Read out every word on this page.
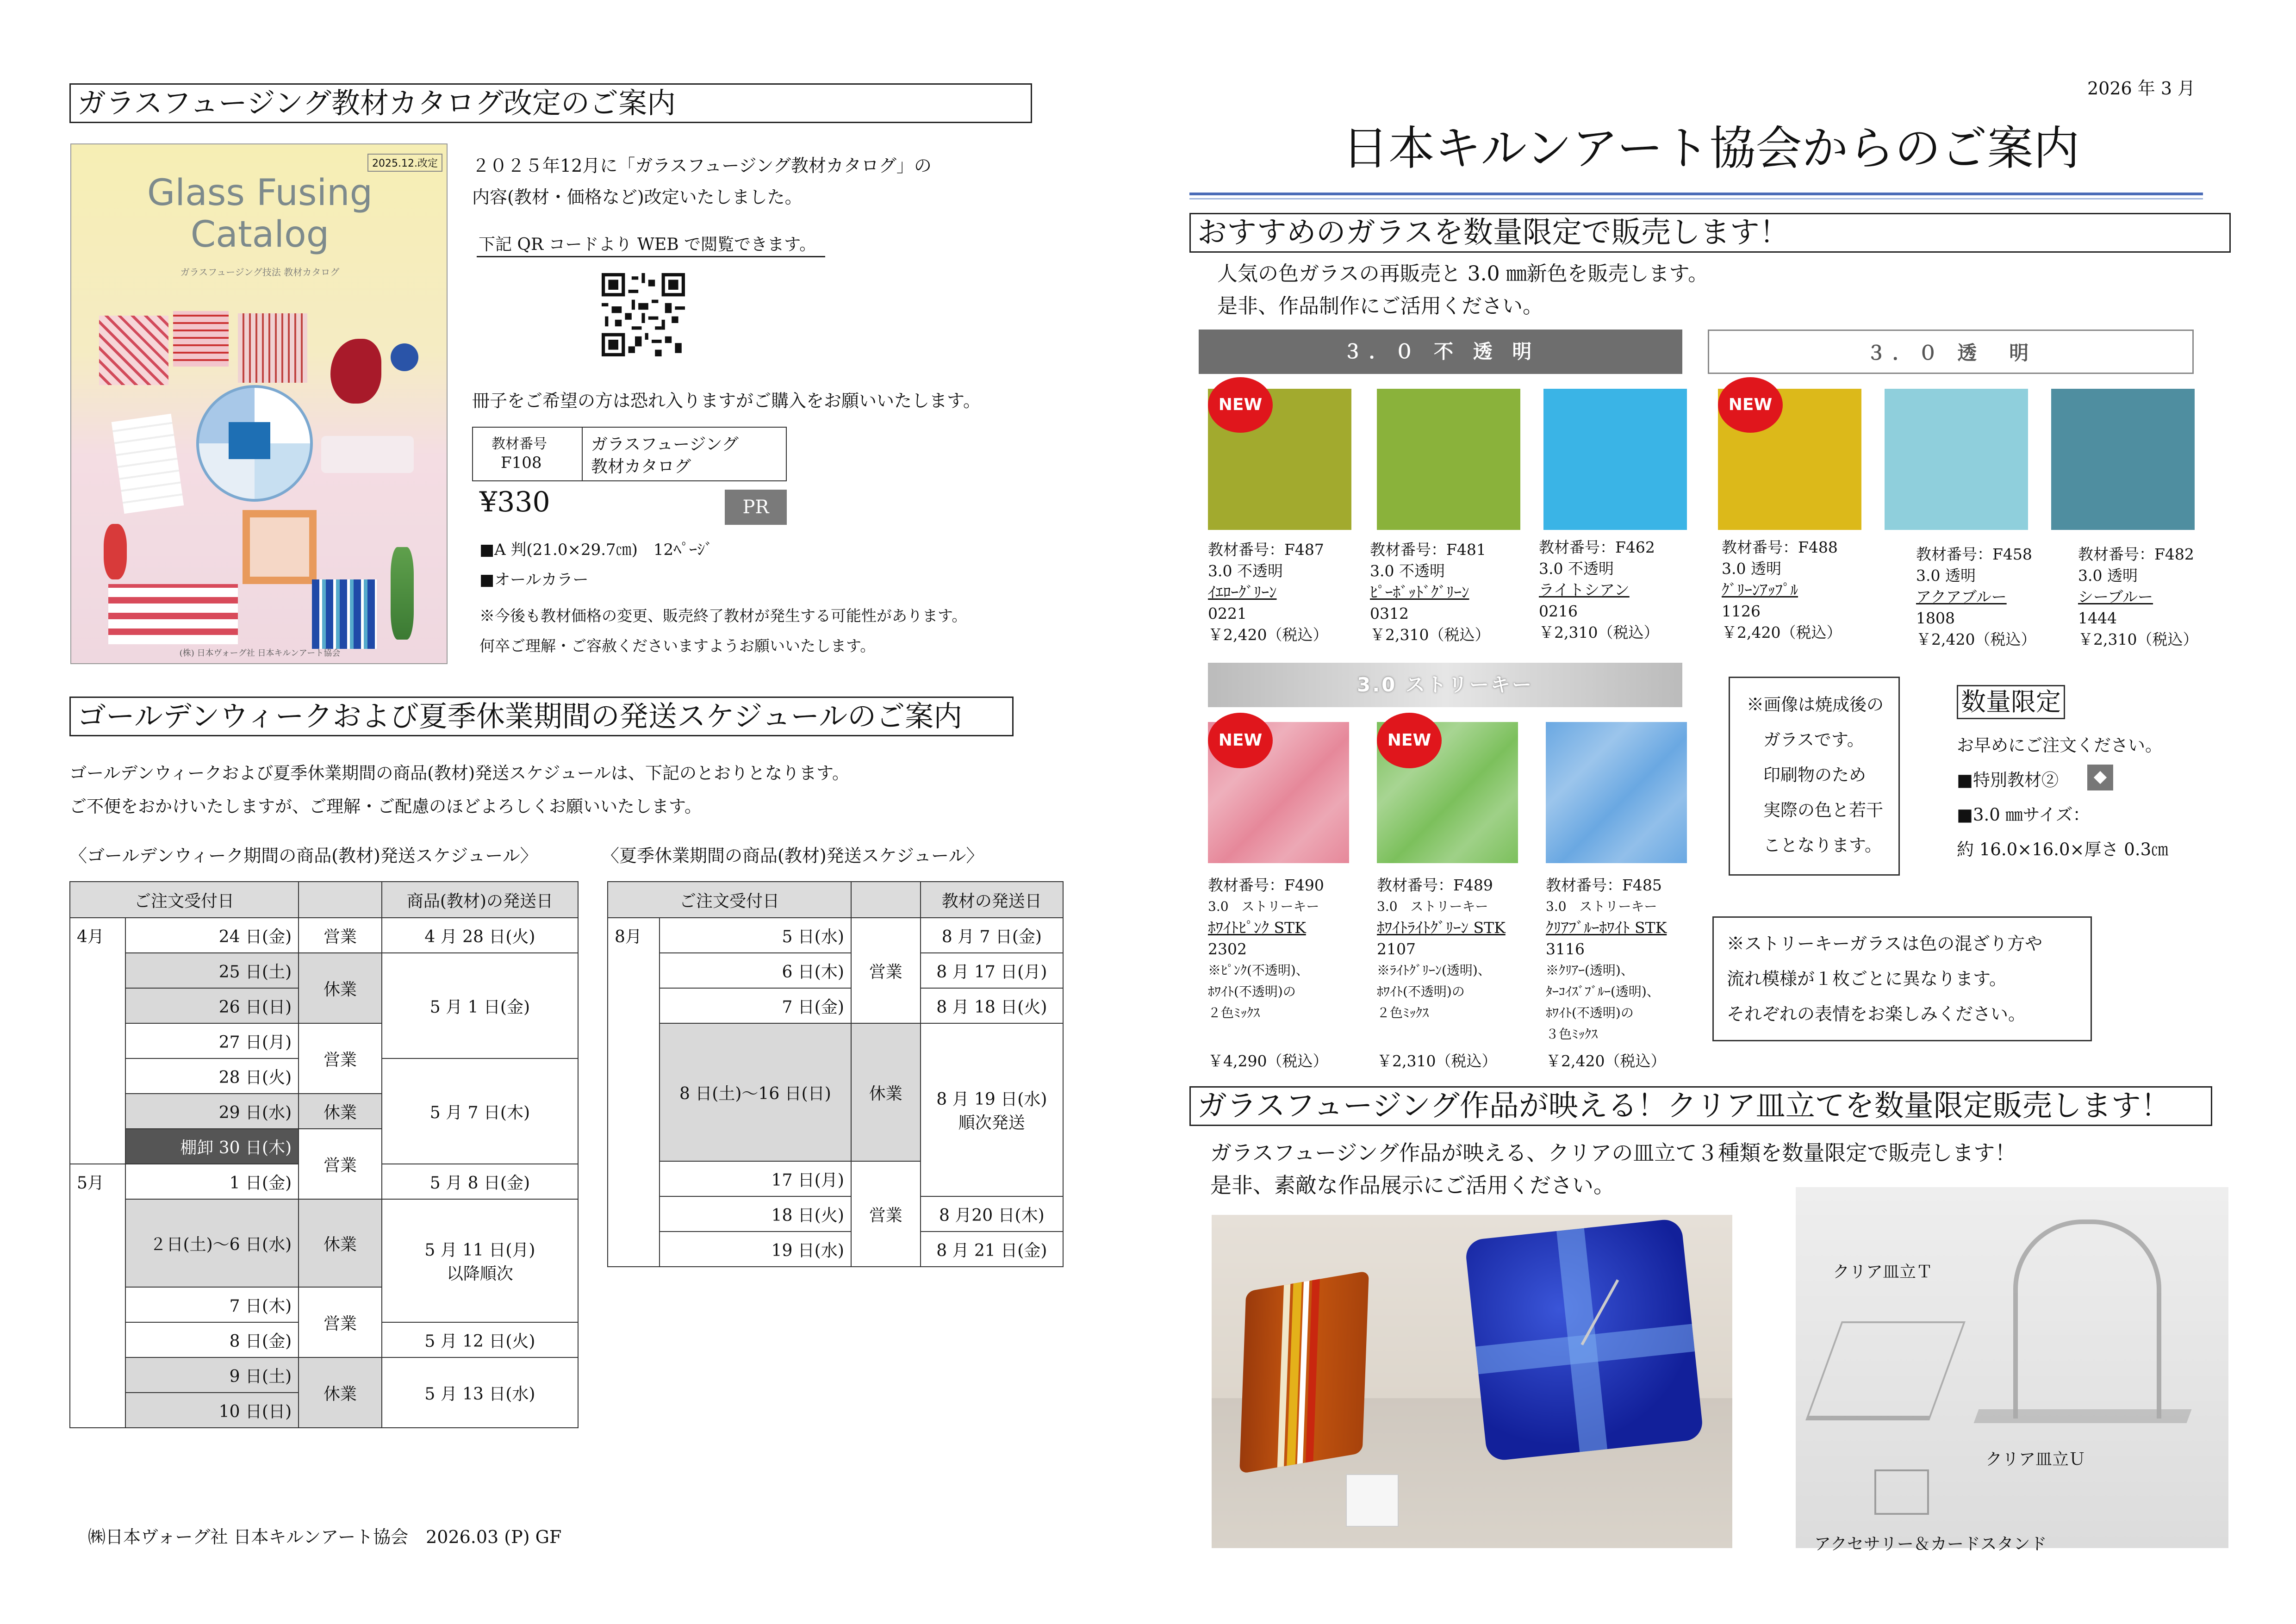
ガラスフュージング教材カタログ改定のご案内
2025.12.改定
Glass Fusing
Catalog
ガラスフュージング技法 教材カタログ
(株) 日本ヴォーグ社 日本キルンアート協会
２０２５年12月に「ガラスフュージング教材カタログ」の
内容(教材・価格など)改定いたしました。
下記 QR コードより WEB で閲覧できます。
冊子をご希望の方は恐れ入りますがご購入をお願いいたします。
教材番号
F108
ガラスフュージング
教材カタログ
¥330	PR
■A 判(21.0×29.7㎝)　12ﾍﾟｰｼﾞ
■オールカラー
※今後も教材価格の変更、販売終了教材が発生する可能性があります。
何卒ご理解・ご容赦くださいますようお願いいたします。
ゴールデンウィークおよび夏季休業期間の発送スケジュールのご案内
ゴールデンウィークおよび夏季休業期間の商品(教材)発送スケジュールは、下記のとおりとなります。
ご不便をおかけいたしますが、ご理解・ご配慮のほどよろしくお願いいたします。
〈ゴールデンウィーク期間の商品(教材)発送スケジュール〉	〈夏季休業期間の商品(教材)発送スケジュール〉
ご注文受付日			商品(教材)の発送日
4月	24 日(金)	営業	4 月 28 日(火)
	25 日(土)	休業	5 月 1 日(金)
	26 日(日)		
	27 日(月)	営業	
	28 日(火)		5 月 7 日(木)
	29 日(水)	休業	
	棚卸 30 日(木)	営業	
5月	1 日(金)		5 月 8 日(金)
	２日(土)～6 日(水)	休業	5 月 11 日(月)
以降順次
	7 日(木)	営業	
	8 日(金)		5 月 12 日(火)
	9 日(土)	休業	5 月 13 日(水)
	10 日(日)		
ご注文受付日			教材の発送日
8月	5 日(水)	営業	8 月 7 日(金)
	6 日(木)		8 月 17 日(月)
	7 日(金)		8 月 18 日(火)
	8 日(土)～16 日(日)	休業	8 月 19 日(水)
順次発送
	17 日(月)	営業	
	18 日(火)		8 月20 日(木)
	19 日(水)		8 月 21 日(金)
㈱日本ヴォーグ社 日本キルンアート協会　2026.03 (P) GF
2026 年 3 月
日本キルンアート協会からのご案内
おすすめのガラスを数量限定で販売します！
人気の色ガラスの再販売と 3.0 ㎜新色を販売します。
是非、作品制作にご活用ください。
３．０ 不 透 明	３．０ 透　明
NEW
教材番号：F487
3.0 不透明
ｲｴﾛｰｸﾞﾘｰﾝ
0221
￥2,420（税込）
教材番号：F481
3.0 不透明
ﾋﾟｰﾎﾞｯﾄﾞｸﾞﾘｰﾝ
0312
￥2,310（税込）
教材番号：F462
3.0 不透明
ライトシアン
0216
￥2,310（税込）
NEW
教材番号：F488
3.0 透明
ｸﾞﾘｰﾝｱｯﾌﾟﾙ
1126
￥2,420（税込）
教材番号：F458
3.0 透明
アクアブルー
1808
￥2,420（税込）
教材番号：F482
3.0 透明
シーブルー
1444
￥2,310（税込）
3.0 ストリーキー
NEW
教材番号：F490
3.0　ストリーキー
ﾎﾜｲﾄﾋﾟﾝｸ STK
2302
※ﾋﾟﾝｸ(不透明)、
ﾎﾜｲﾄ(不透明)の
２色ﾐｯｸｽ
￥4,290（税込）
NEW
教材番号：F489
3.0　ストリーキー
ﾎﾜｲﾄﾗｲﾄｸﾞﾘｰﾝ STK
2107
※ﾗｲﾄｸﾞﾘｰﾝ(透明)、
ﾎﾜｲﾄ(不透明)の
２色ﾐｯｸｽ
￥2,310（税込）
教材番号：F485
3.0　ストリーキー
ｸﾘｱﾌﾞﾙｰﾎﾜｲﾄ STK
3116
※ｸﾘｱｰ(透明)、
ﾀｰｺｲｽﾞﾌﾞﾙｰ(透明)、
ﾎﾜｲﾄ(不透明)の
３色ﾐｯｸｽ
￥2,420（税込）
※画像は焼成後の
ガラスです。
印刷物のため
実際の色と若干
ことなります。
数量限定
お早めにご注文ください。
■特別教材②
■3.0 ㎜サイズ：
約 16.0×16.0×厚さ 0.3㎝
※ストリーキーガラスは色の混ざり方や
流れ模様が１枚ごとに異なります。
それぞれの表情をお楽しみください。
ガラスフュージング作品が映える！クリア皿立てを数量限定販売します！
ガラスフュージング作品が映える、クリアの皿立て３種類を数量限定で販売します！
是非、素敵な作品展示にご活用ください。
クリア皿立Ｔ
クリア皿立Ｕ
アクセサリー＆カードスタンド
